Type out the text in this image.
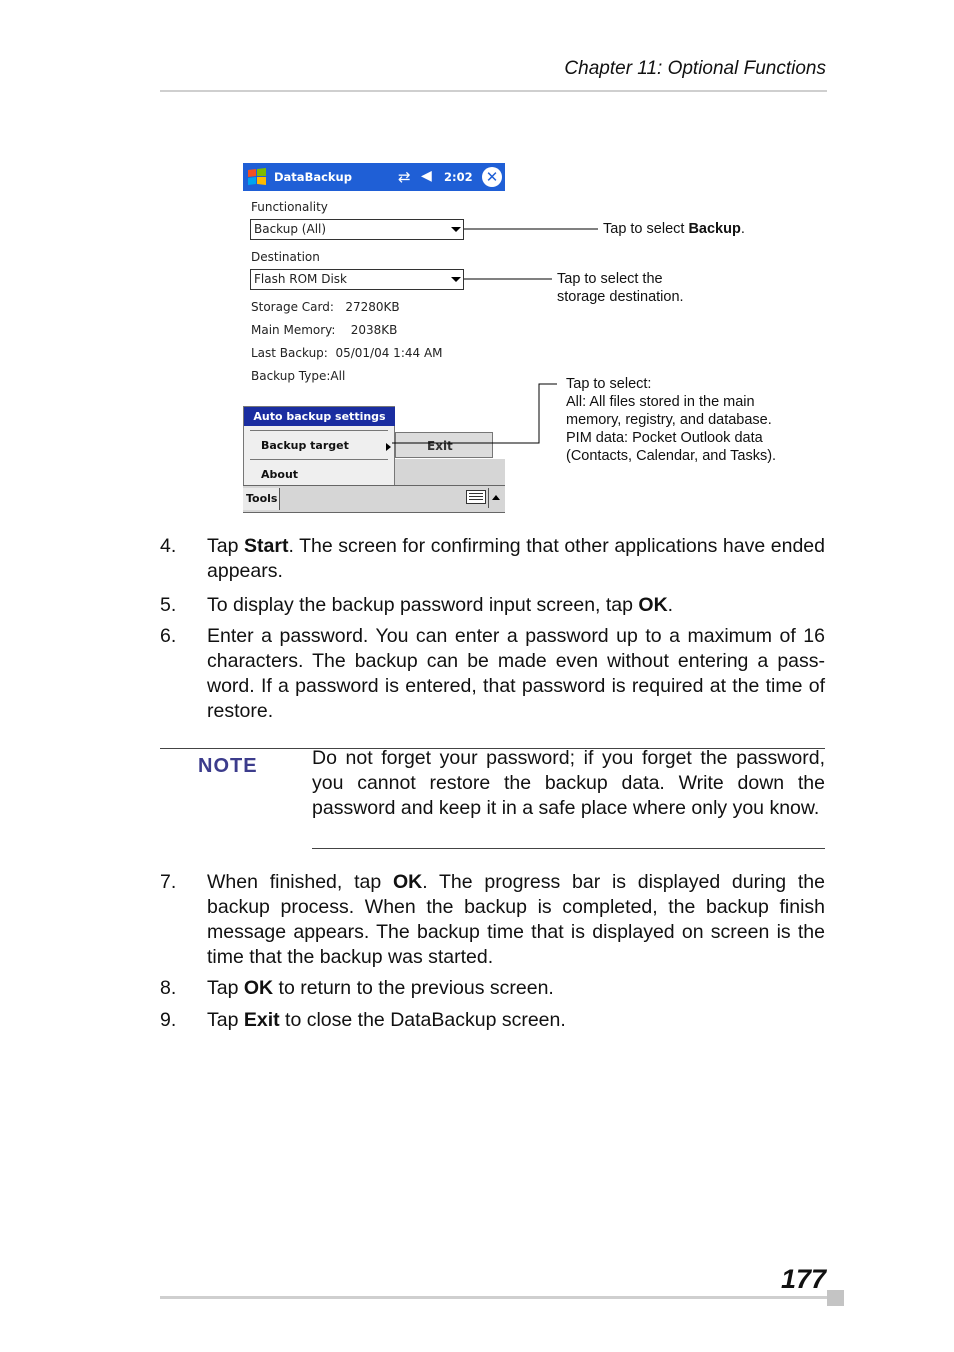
Chapter 11: Optional Functions
DataBackup	⇄ ◀︎ 2:02 ✕
Functionality
Backup (All)
Destination
Flash ROM Disk
Storage Card:   27280KB
Main Memory:    2038KB
Last Backup:  05/01/04 1:44 AM
Backup Type:All
Auto backup settings
Backup target
About
Exit
Tools
Tap to select Backup.
Tap to select the
storage destination.
Tap to select:
All: All files stored in the main
memory, registry, and database.
PIM data: Pocket Outlook data
(Contacts, Calendar, and Tasks).
4. Tap Start. The screen for confirming that other applications have ended appears.
5. To display the backup password input screen, tap OK.
6. Enter a password. You can enter a password up to a maximum of 16 characters. The backup can be made even without entering a pass-word. If a password is entered, that password is required at the time of restore.
NOTE	Do not forget your password; if you forget the password, you cannot restore the backup data. Write down the password and keep it in a safe place where only you know.
7. When finished, tap OK. The progress bar is displayed during the backup process. When the backup is completed, the backup finish message appears. The backup time that is displayed on screen is the time that the backup was started.
8. Tap OK to return to the previous screen.
9. Tap Exit to close the DataBackup screen.
177
